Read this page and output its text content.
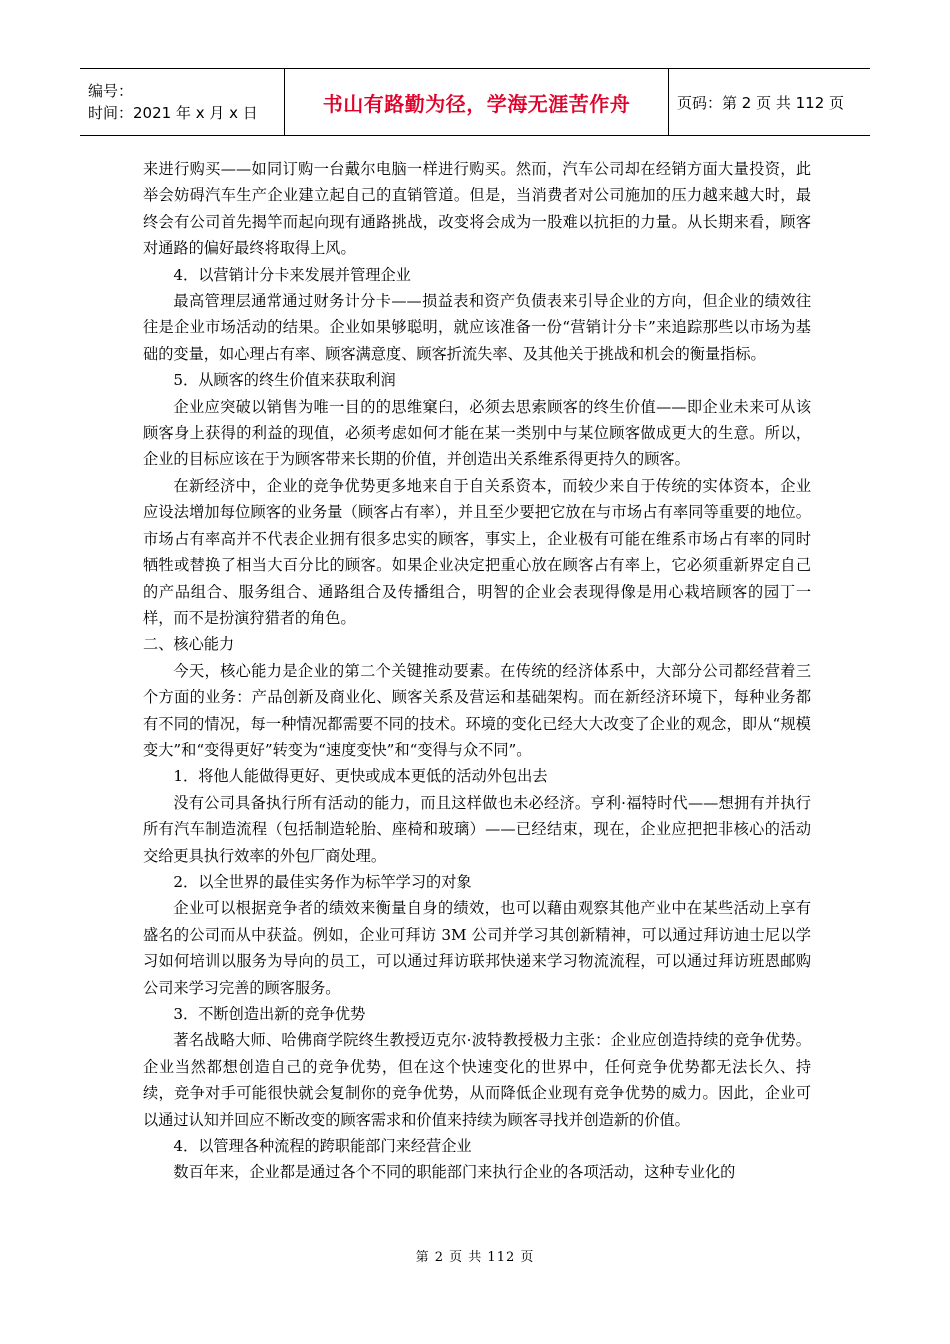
编号：
时间：2021 年 x 月 x 日	书山有路勤为径，学海无涯苦作舟	页码：第 2 页 共 112 页

来进行购买——如同订购一台戴尔电脑一样进行购买。然而，汽车公司却在经销方面大量投资，此举会妨碍汽车生产企业建立起自己的直销管道。但是，当消费者对公司施加的压力越来越大时，最终会有公司首先揭竿而起向现有通路挑战，改变将会成为一股难以抗拒的力量。从长期来看，顾客对通路的偏好最终将取得上风。

4．以营销计分卡来发展并管理企业

最高管理层通常通过财务计分卡——损益表和资产负债表来引导企业的方向，但企业的绩效往往是企业市场活动的结果。企业如果够聪明，就应该准备一份“营销计分卡”来追踪那些以市场为基础的变量，如心理占有率、顾客满意度、顾客折流失率、及其他关于挑战和机会的衡量指标。

5．从顾客的终生价值来获取利润

企业应突破以销售为唯一目的的思维窠臼，必须去思索顾客的终生价值——即企业未来可从该顾客身上获得的利益的现值，必须考虑如何才能在某一类别中与某位顾客做成更大的生意。所以，企业的目标应该在于为顾客带来长期的价值，并创造出关系维系得更持久的顾客。

在新经济中，企业的竞争优势更多地来自于自关系资本，而较少来自于传统的实体资本，企业应设法增加每位顾客的业务量（顾客占有率），并且至少要把它放在与市场占有率同等重要的地位。市场占有率高并不代表企业拥有很多忠实的顾客，事实上，企业极有可能在维系市场占有率的同时牺牲或替换了相当大百分比的顾客。如果企业决定把重心放在顾客占有率上，它必须重新界定自己的产品组合、服务组合、通路组合及传播组合，明智的企业会表现得像是用心栽培顾客的园丁一样，而不是扮演狩猎者的角色。

二、核心能力

今天，核心能力是企业的第二个关键推动要素。在传统的经济体系中，大部分公司都经营着三个方面的业务：产品创新及商业化、顾客关系及营运和基础架构。而在新经济环境下，每种业务都有不同的情况，每一种情况都需要不同的技术。环境的变化已经大大改变了企业的观念，即从“规模变大”和“变得更好”转变为“速度变快”和“变得与众不同”。

1．将他人能做得更好、更快或成本更低的活动外包出去

没有公司具备执行所有活动的能力，而且这样做也未必经济。亨利·福特时代——想拥有并执行所有汽车制造流程（包括制造轮胎、座椅和玻璃）——已经结束，现在，企业应把把非核心的活动交给更具执行效率的外包厂商处理。

2．以全世界的最佳实务作为标竿学习的对象

企业可以根据竞争者的绩效来衡量自身的绩效，也可以藉由观察其他产业中在某些活动上享有盛名的公司而从中获益。例如，企业可拜访 3M 公司并学习其创新精神，可以通过拜访迪士尼以学习如何培训以服务为导向的员工，可以通过拜访联邦快递来学习物流流程，可以通过拜访班恩邮购公司来学习完善的顾客服务。

3．不断创造出新的竞争优势

著名战略大师、哈佛商学院终生教授迈克尔·波特教授极力主张：企业应创造持续的竞争优势。企业当然都想创造自己的竞争优势，但在这个快速变化的世界中，任何竞争优势都无法长久、持续，竞争对手可能很快就会复制你的竞争优势，从而降低企业现有竞争优势的威力。因此，企业可以通过认知并回应不断改变的顾客需求和价值来持续为顾客寻找并创造新的价值。

4．以管理各种流程的跨职能部门来经营企业

数百年来，企业都是通过各个不同的职能部门来执行企业的各项活动，这种专业化的

第 2 页 共 112 页
